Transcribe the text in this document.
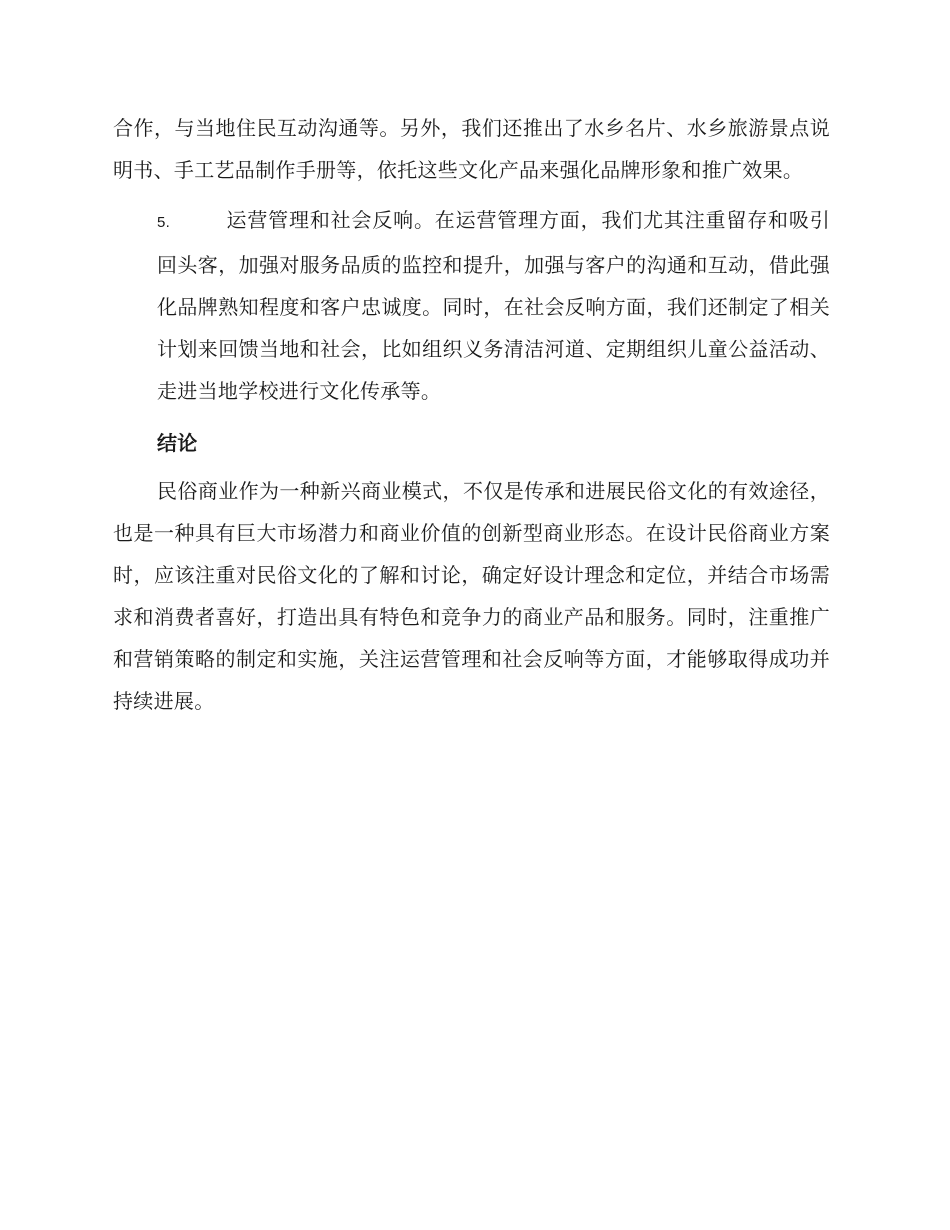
合作，与当地住民互动沟通等。另外，我们还推出了水乡名片、水乡旅游景点说明书、手工艺品制作手册等，依托这些文化产品来强化品牌形象和推广效果。

5.	运营管理和社会反响。在运营管理方面，我们尤其注重留存和吸引回头客，加强对服务品质的监控和提升，加强与客户的沟通和互动，借此强化品牌熟知程度和客户忠诚度。同时，在社会反响方面，我们还制定了相关计划来回馈当地和社会，比如组织义务清洁河道、定期组织儿童公益活动、走进当地学校进行文化传承等。
结论

民俗商业作为一种新兴商业模式，不仅是传承和进展民俗文化的有效途径，也是一种具有巨大市场潜力和商业价值的创新型商业形态。在设计民俗商业方案时，应该注重对民俗文化的了解和讨论，确定好设计理念和定位，并结合市场需求和消费者喜好，打造出具有特色和竞争力的商业产品和服务。同时，注重推广和营销策略的制定和实施，关注运营管理和社会反响等方面，才能够取得成功并持续进展。
